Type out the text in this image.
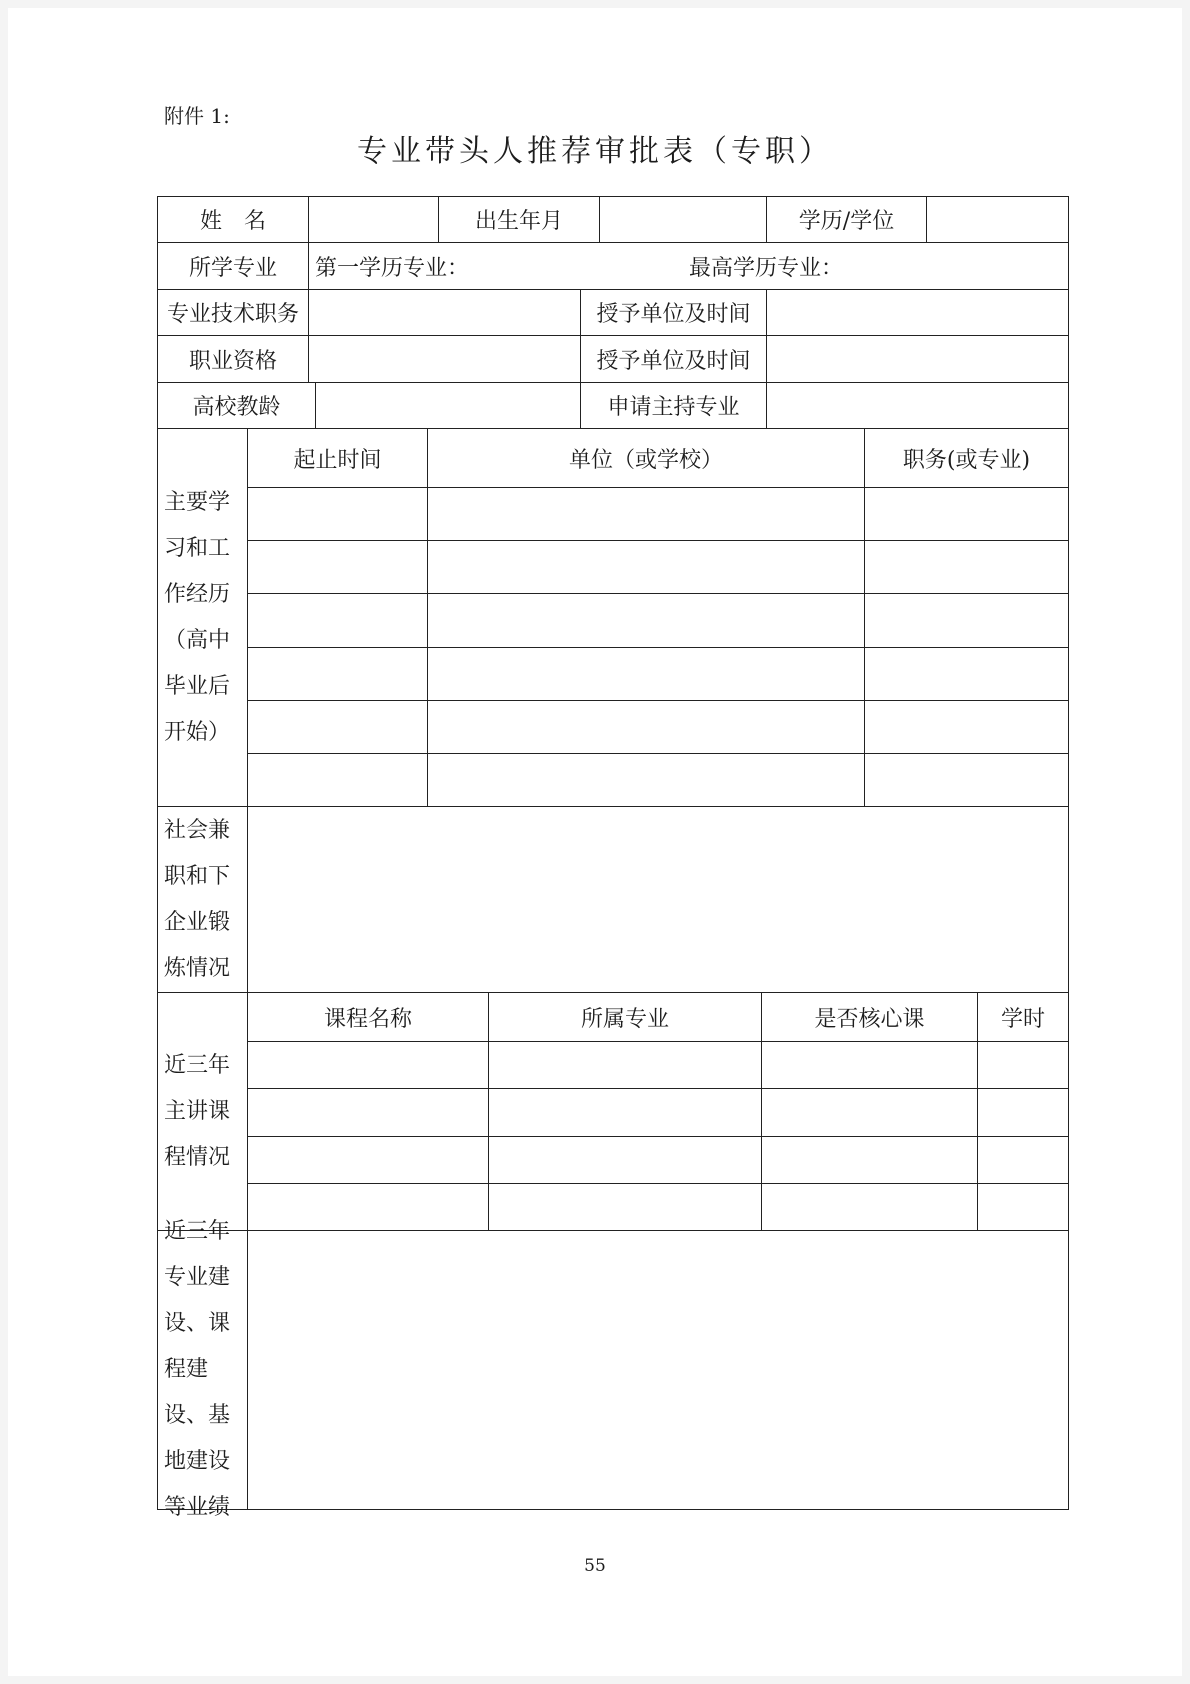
附件 1:
专业带头人推荐审批表（专职）
姓　名	出生年月	学历/学位
所学专业	第一学历专业：	最高学历专业：
专业技术职务	授予单位及时间
职业资格	授予单位及时间
高校教龄	申请主持专业
主要学习和工作经历（高中毕业后开始）
起止时间	单位（或学校）	职务(或专业)
社会兼职和下企业锻炼情况
近三年主讲课程情况
课程名称	所属专业	是否核心课	学时
近三年专业建设、课程建设、基地建设等业绩
55
